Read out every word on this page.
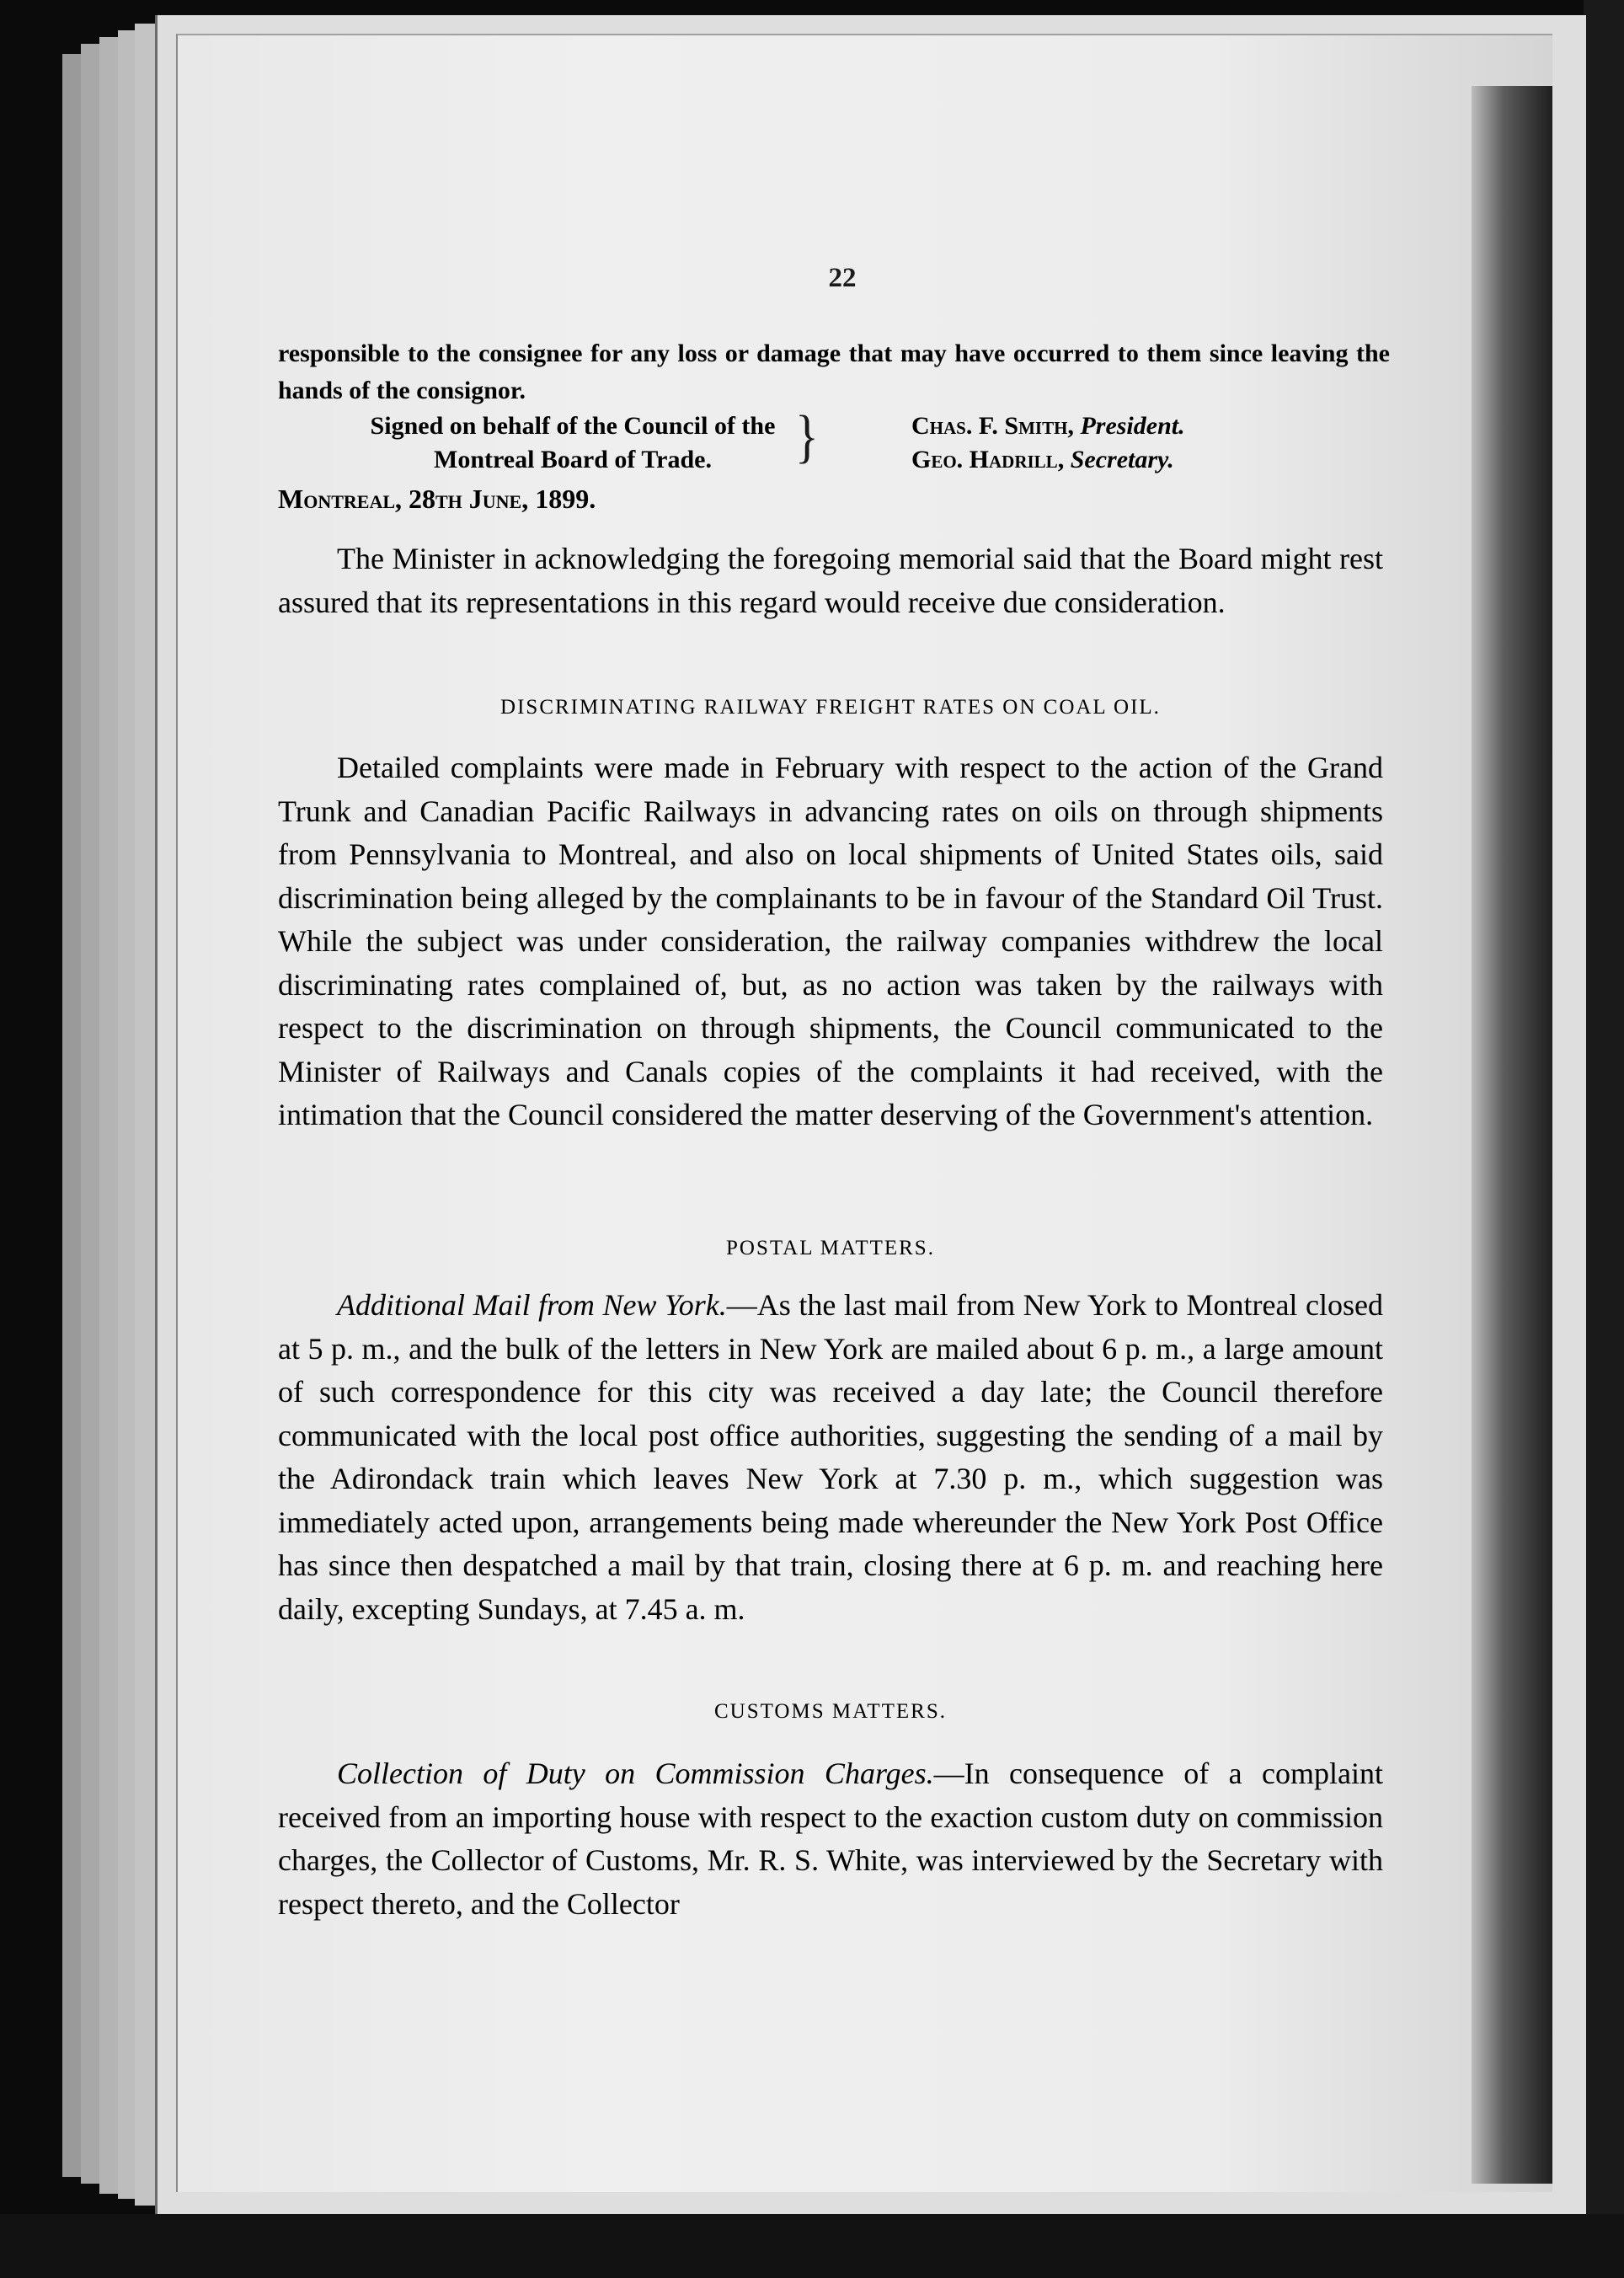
22
responsible to the consignee for any loss or damage that may have occurred to them since leaving the hands of the consignor.
Signed on behalf of the Council of the
Montreal Board of Trade.	}	Chas. F. Smith, President.
Geo. Hadrill, Secretary.
Montreal, 28th June, 1899.
The Minister in acknowledging the foregoing memorial said that the Board might rest assured that its representations in this regard would receive due consideration.
DISCRIMINATING RAILWAY FREIGHT RATES ON COAL OIL.
Detailed complaints were made in February with respect to the action of the Grand Trunk and Canadian Pacific Railways in advancing rates on oils on through shipments from Pennsylvania to Montreal, and also on local shipments of United States oils, said discrimination being alleged by the complainants to be in favour of the Standard Oil Trust. While the subject was under consideration, the railway companies withdrew the local discriminating rates complained of, but, as no action was taken by the railways with respect to the discrimination on through shipments, the Council communicated to the Minister of Railways and Canals copies of the complaints it had received, with the intimation that the Council considered the matter deserving of the Government's attention.
POSTAL MATTERS.
Additional Mail from New York.—As the last mail from New York to Montreal closed at 5 p. m., and the bulk of the letters in New York are mailed about 6 p. m., a large amount of such correspondence for this city was received a day late; the Council therefore communicated with the local post office authorities, suggesting the sending of a mail by the Adirondack train which leaves New York at 7.30 p. m., which suggestion was immediately acted upon, arrangements being made whereunder the New York Post Office has since then despatched a mail by that train, closing there at 6 p. m. and reaching here daily, excepting Sundays, at 7.45 a. m.
CUSTOMS MATTERS.
Collection of Duty on Commission Charges.—In consequence of a complaint received from an importing house with respect to the exaction custom duty on commission charges, the Collector of Customs, Mr. R. S. White, was interviewed by the Secretary with respect thereto, and the Collector
